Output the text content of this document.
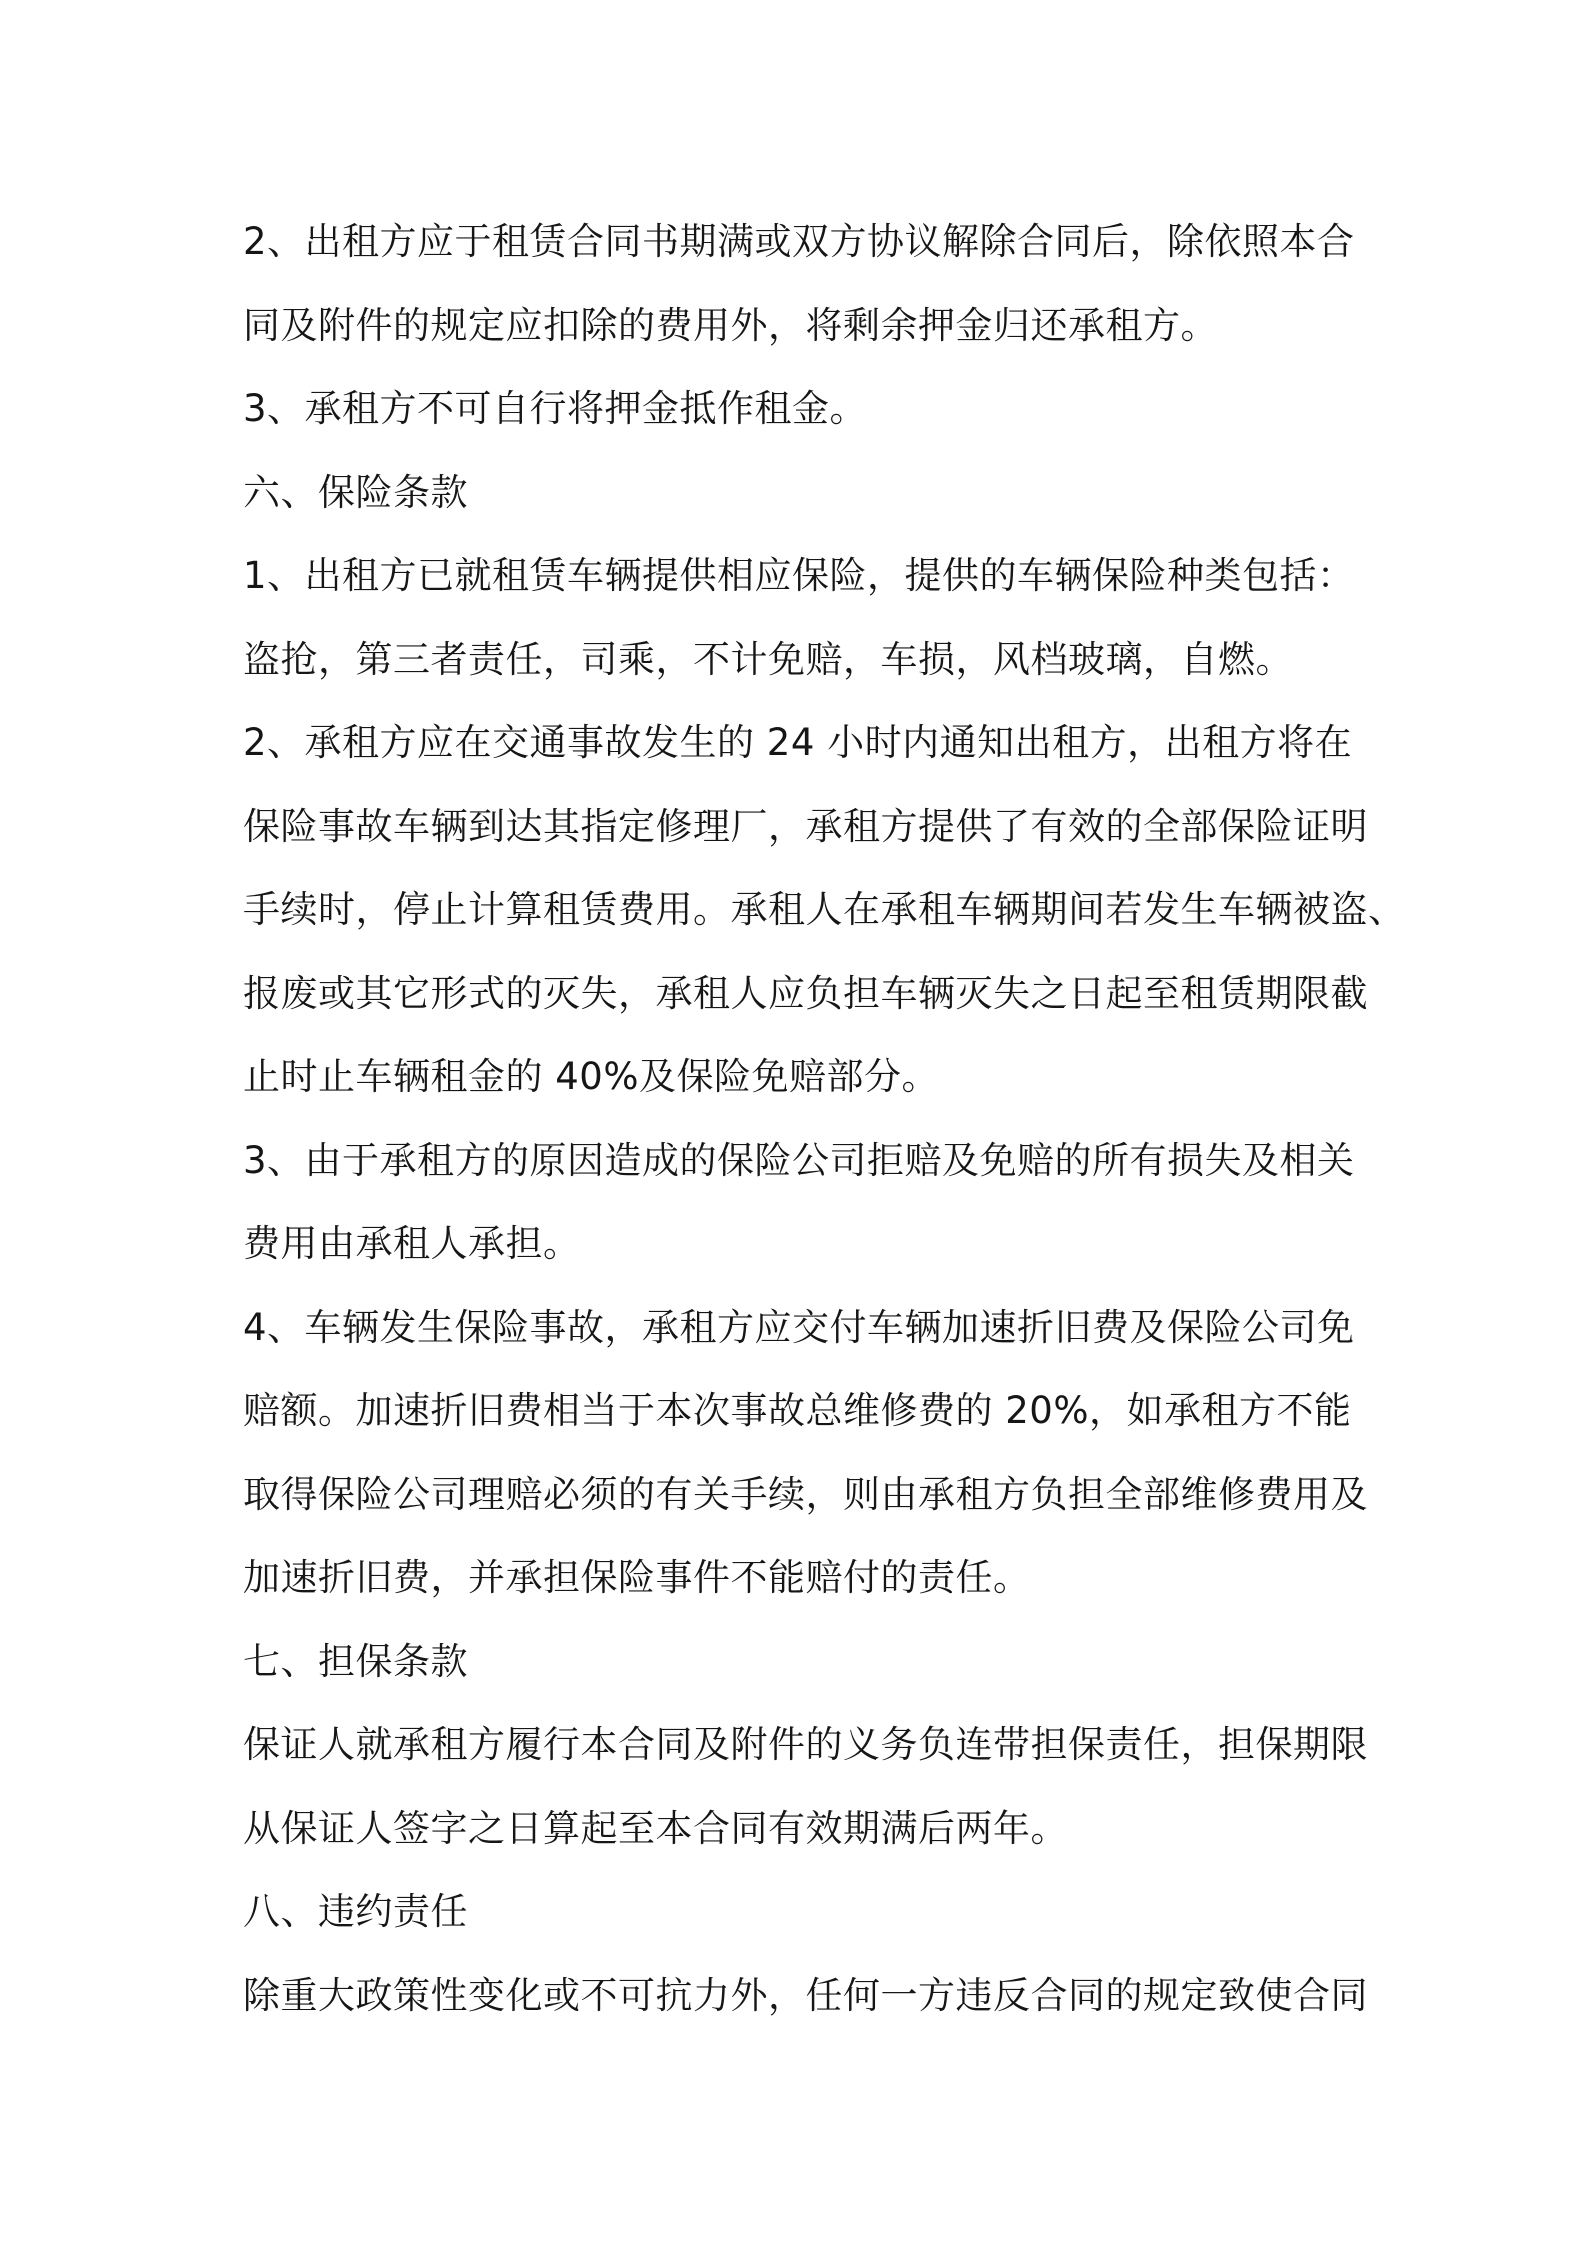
2、出租方应于租赁合同书期满或双方协议解除合同后，除依照本合
同及附件的规定应扣除的费用外，将剩余押金归还承租方。
3、承租方不可自行将押金抵作租金。
六、保险条款
1、出租方已就租赁车辆提供相应保险，提供的车辆保险种类包括：
盗抢，第三者责任，司乘，不计免赔，车损，风档玻璃，自燃。
2、承租方应在交通事故发生的 24 小时内通知出租方，出租方将在
保险事故车辆到达其指定修理厂，承租方提供了有效的全部保险证明
手续时，停止计算租赁费用。承租人在承租车辆期间若发生车辆被盗、
报废或其它形式的灭失，承租人应负担车辆灭失之日起至租赁期限截
止时止车辆租金的 40%及保险免赔部分。
3、由于承租方的原因造成的保险公司拒赔及免赔的所有损失及相关
费用由承租人承担。
4、车辆发生保险事故，承租方应交付车辆加速折旧费及保险公司免
赔额。加速折旧费相当于本次事故总维修费的 20%，如承租方不能
取得保险公司理赔必须的有关手续，则由承租方负担全部维修费用及
加速折旧费，并承担保险事件不能赔付的责任。
七、担保条款
保证人就承租方履行本合同及附件的义务负连带担保责任，担保期限
从保证人签字之日算起至本合同有效期满后两年。
八、违约责任
除重大政策性变化或不可抗力外，任何一方违反合同的规定致使合同
